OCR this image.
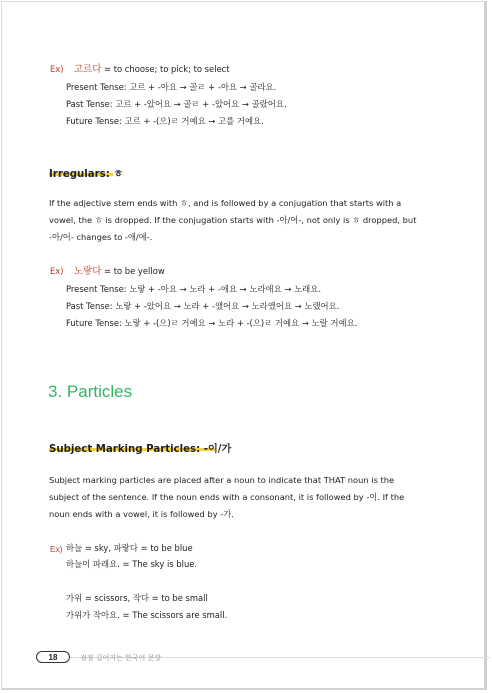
Ex) 고르다 = to choose; to pick; to select
Present Tense: 고르 + -아요 → 골ㄹ + -아요 → 골라요.
Past Tense: 고르 + -았어요 → 골ㄹ + -았어요 → 골랐어요.
Future Tense: 고르 + -(으)ㄹ 거예요 → 고를 거예요.
Irregulars: ㅎ
If the adjective stem ends with ㅎ, and is followed by a conjugation that starts with a vowel, the ㅎ is dropped. If the conjugation starts with -아/어-, not only is ㅎ dropped, but -아/어- changes to -애/에-.
Ex) 노랗다 = to be yellow
Present Tense: 노랗 + -아요 → 노라 + -애요 → 노라애요 → 노래요.
Past Tense: 노랗 + -았어요 → 노라 + -앴어요 → 노라앴어요 → 노랬어요.
Future Tense: 노랗 + -(으)ㄹ 거예요 → 노라 + -(으)ㄹ 거예요 → 노랄 거예요.
3. Particles
Subject Marking Particles: -이/가
Subject marking particles are placed after a noun to indicate that THAT noun is the subject of the sentence. If the noun ends with a consonant, it is followed by -이. If the noun ends with a vowel, it is followed by -가.
Ex) 하늘 = sky, 파랗다 = to be blue
하늘이 파래요. = The sky is blue.
가위 = scissors, 작다 = to be small
가위가 작아요. = The scissors are small.
18	점점 길어지는 한국어 문장
